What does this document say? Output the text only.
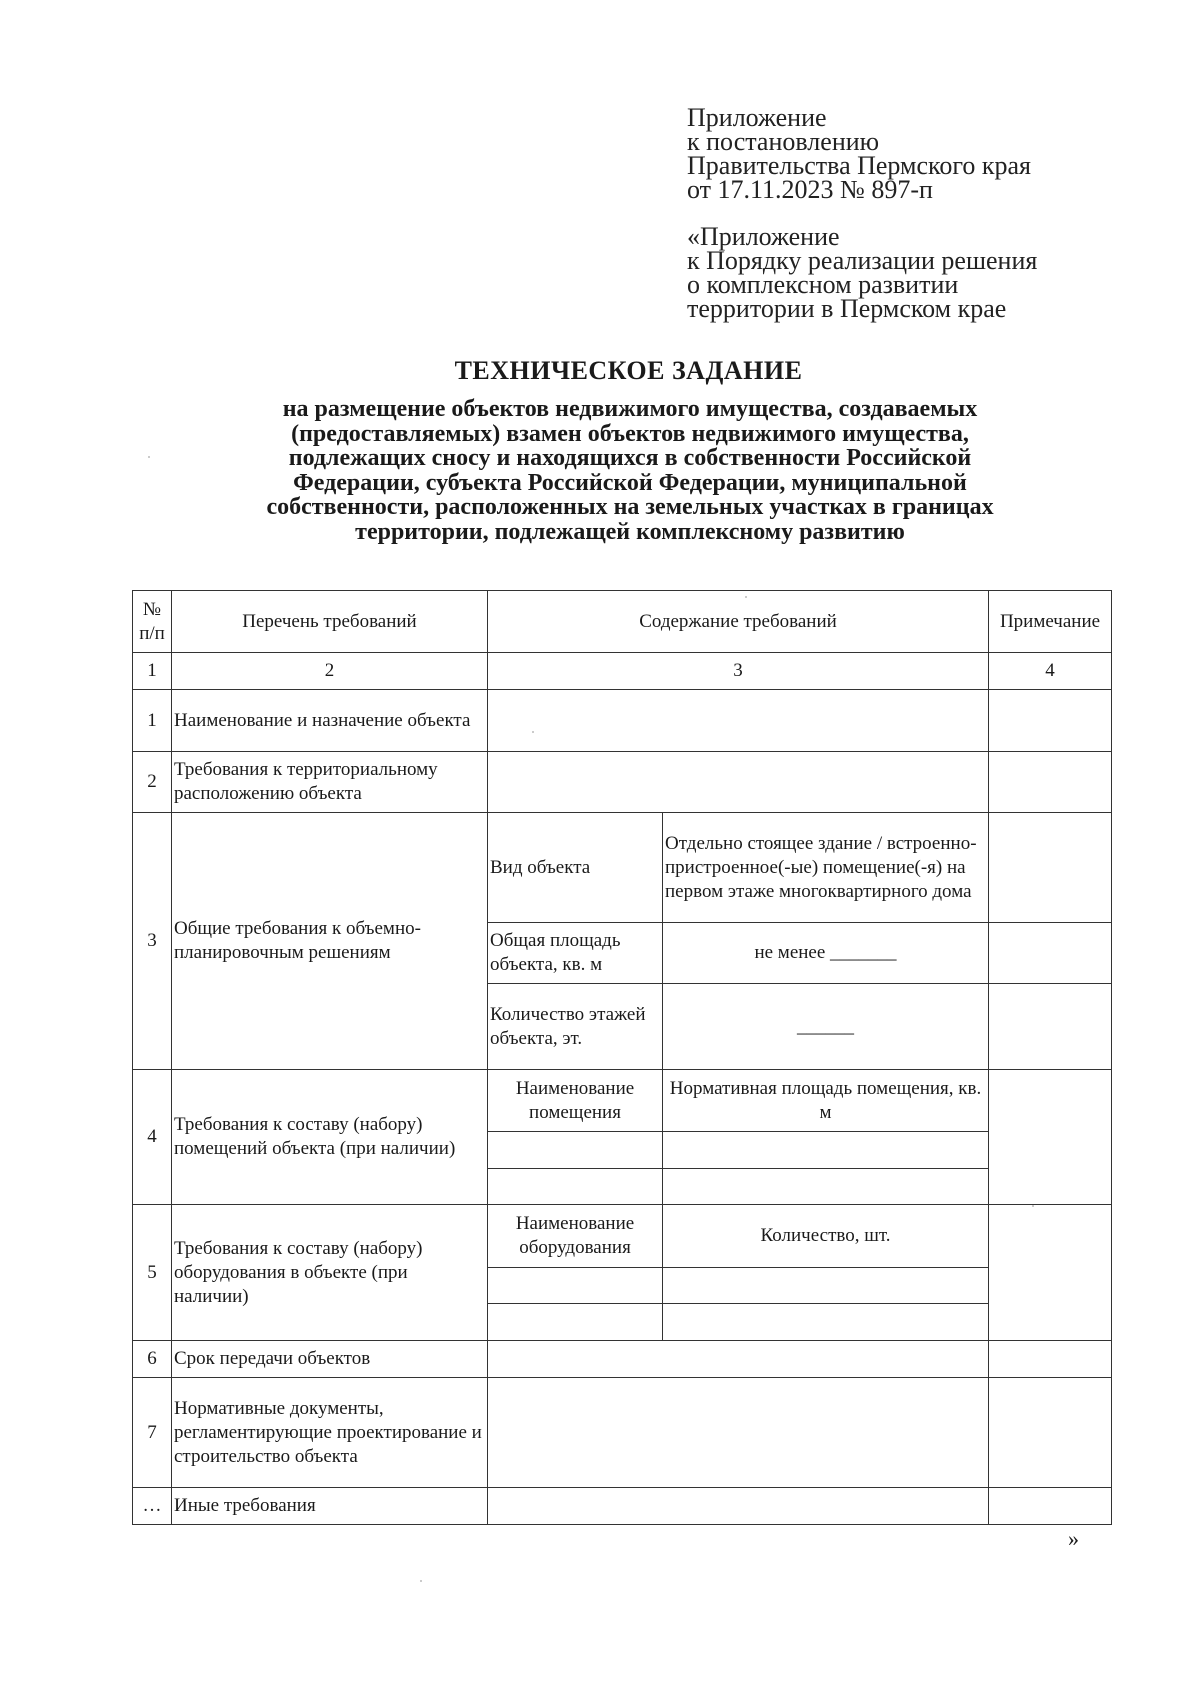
Приложение
к постановлению
Правительства Пермского края
от 17.11.2023 № 897-п
«Приложение
к Порядку реализации решения
о комплексном развитии
территории в Пермском крае
ТЕХНИЧЕСКОЕ ЗАДАНИЕ
на размещение объектов недвижимого имущества, создаваемых
(предоставляемых) взамен объектов недвижимого имущества,
подлежащих сносу и находящихся в собственности Российской
Федерации, субъекта Российской Федерации, муниципальной
собственности, расположенных на земельных участках в границах
территории, подлежащей комплексному развитию
№ п/п	Перечень требований	Содержание требований		Примечание
1	2	3		4
1	Наименование и назначение объекта			
2	Требования к территориальному расположению объекта			
3	Общие требования к объемно-планировочным решениям	Вид объекта	Отдельно стоящее здание / встроенно-пристроенное(-ые) помещение(-я) на первом этаже многоквартирного дома	
		Общая площадь объекта, кв. м	не менее _______	
		Количество этажей объекта, эт.	______	
4	Требования к составу (набору) помещений объекта (при наличии)	Наименование помещения	Нормативная площадь помещения, кв. м	

5	Требования к составу (набору) оборудования в объекте (при наличии)	Наименование оборудования	Количество, шт.	

6	Срок передачи объектов			
7	Нормативные документы, регламентирующие проектирование и строительство объекта			
…	Иные требования			
»
